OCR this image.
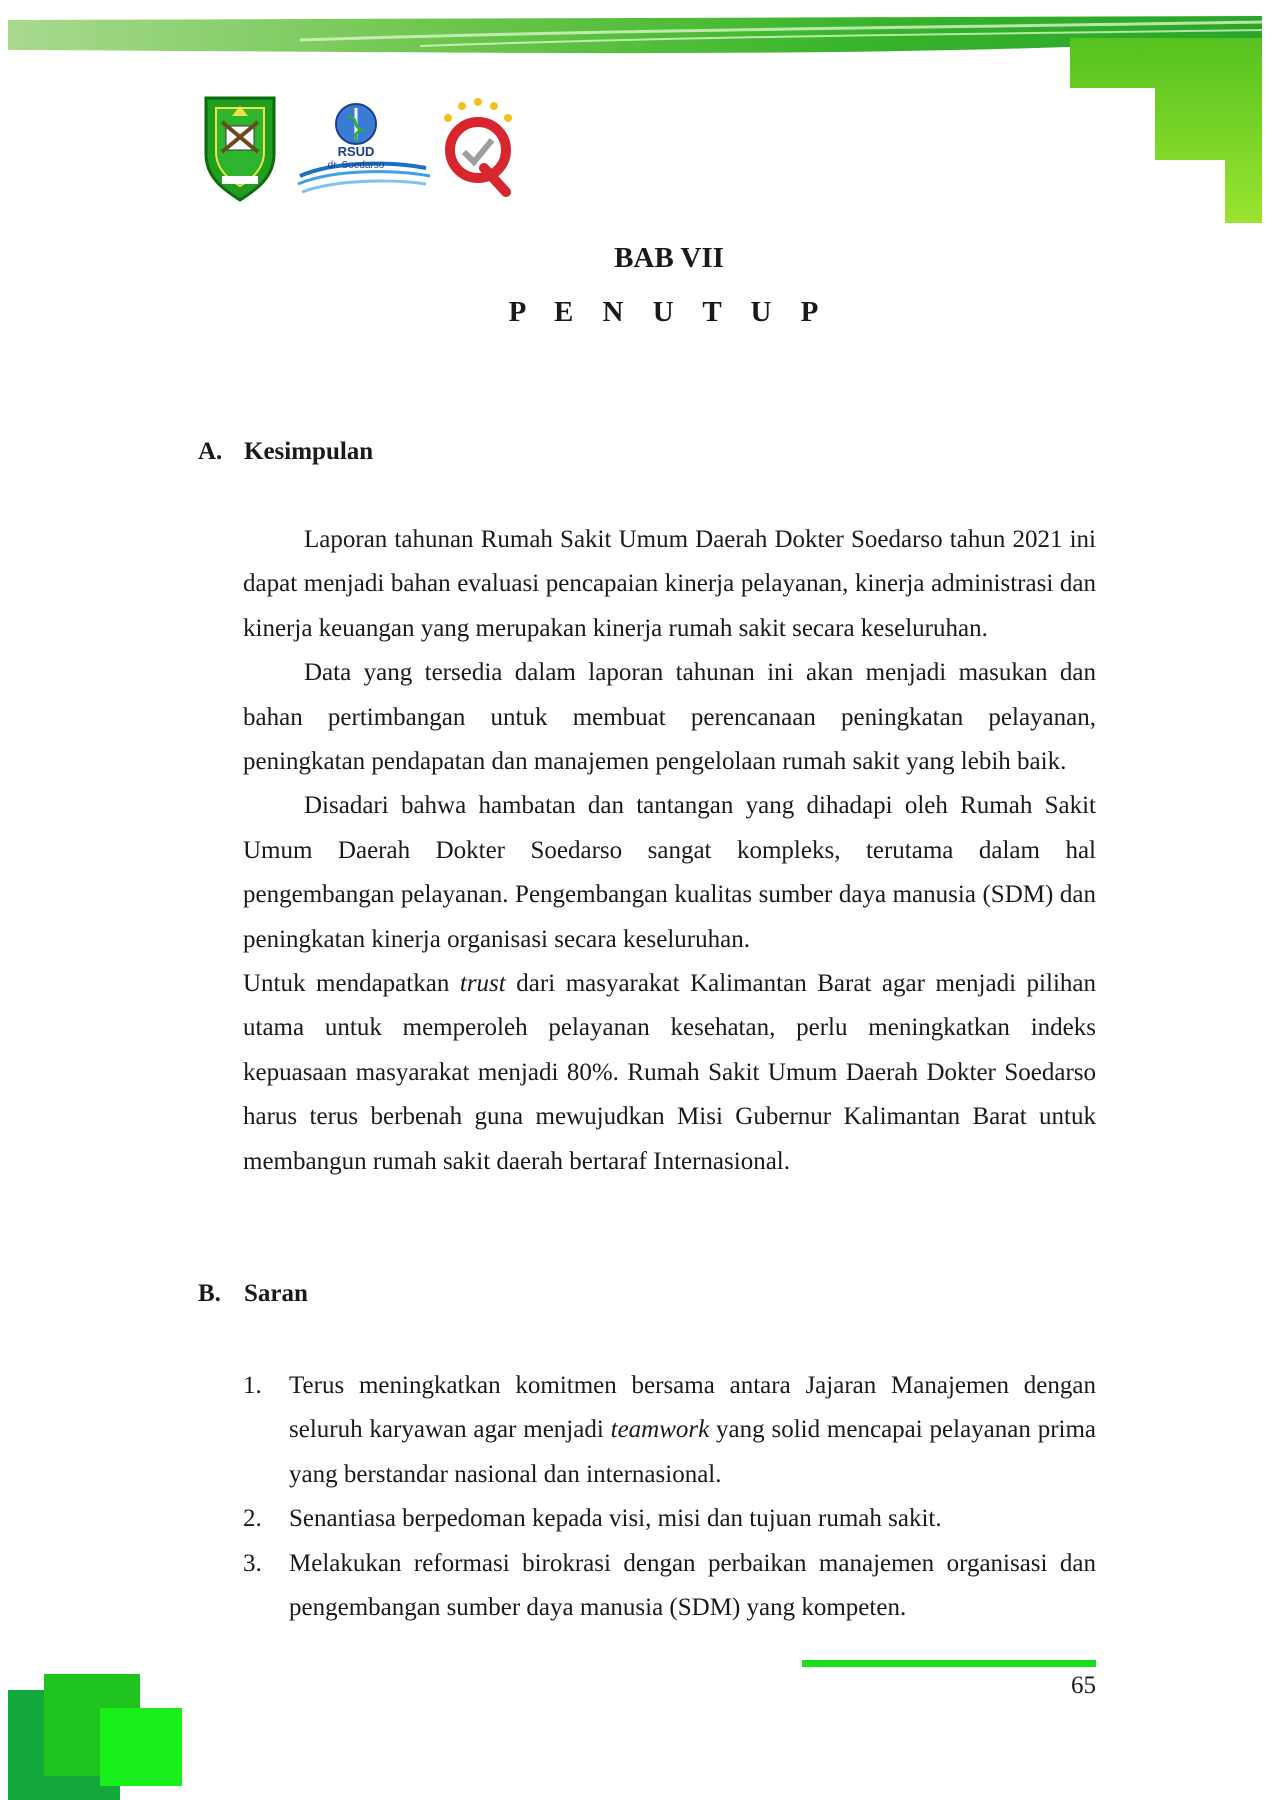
RSUD
dr. Soedarso
BAB VII
P E N U T U P
A. Kesimpulan

Laporan tahunan Rumah Sakit Umum Daerah Dokter Soedarso tahun 2021 ini dapat menjadi bahan evaluasi pencapaian kinerja pelayanan, kinerja administrasi dan kinerja keuangan yang merupakan kinerja rumah sakit secara keseluruhan.

Data yang tersedia dalam laporan tahunan ini akan menjadi masukan dan bahan pertimbangan untuk membuat perencanaan peningkatan pelayanan, peningkatan pendapatan dan manajemen pengelolaan rumah sakit yang lebih baik.

Disadari bahwa hambatan dan tantangan yang dihadapi oleh Rumah Sakit Umum Daerah Dokter Soedarso sangat kompleks, terutama dalam hal pengembangan pelayanan. Pengembangan kualitas sumber daya manusia (SDM) dan peningkatan kinerja organisasi secara keseluruhan.

Untuk mendapatkan trust dari masyarakat Kalimantan Barat agar menjadi pilihan utama untuk memperoleh pelayanan kesehatan, perlu meningkatkan indeks kepuasaan masyarakat menjadi 80%. Rumah Sakit Umum Daerah Dokter Soedarso harus terus berbenah guna mewujudkan Misi Gubernur Kalimantan Barat untuk membangun rumah sakit daerah bertaraf Internasional.

B. Saran
1. Terus meningkatkan komitmen bersama antara Jajaran Manajemen dengan seluruh karyawan agar menjadi teamwork yang solid mencapai pelayanan prima yang berstandar nasional dan internasional.
2. Senantiasa berpedoman kepada visi, misi dan tujuan rumah sakit.
3. Melakukan reformasi birokrasi dengan perbaikan manajemen organisasi dan pengembangan sumber daya manusia (SDM) yang kompeten.
65
